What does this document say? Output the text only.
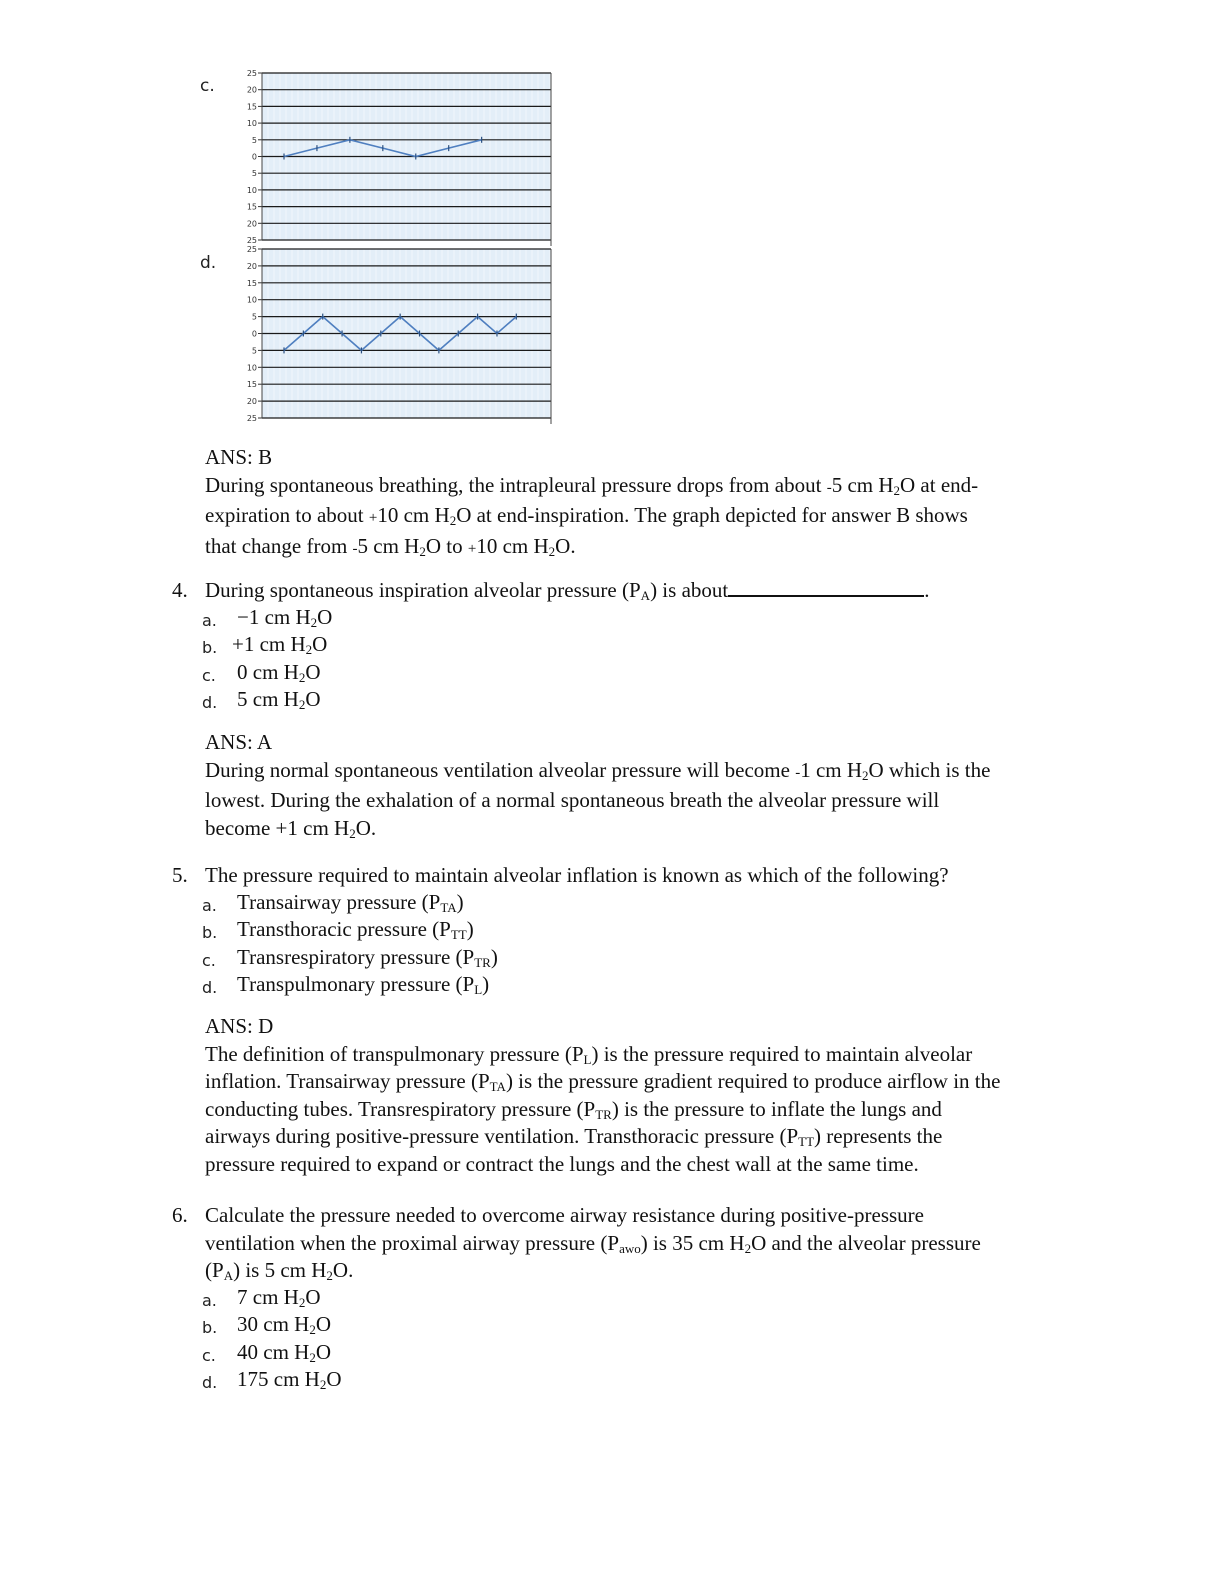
c.
25
20
15
10
5
0
5
10
15
20
25
d.
25
20
15
10
5
0
5
10
15
20
25
ANS: B
During spontaneous breathing, the intrapleural pressure drops from about -5 cm $H_2O$ at end-
expiration to about +10 cm $H_2O$ at end-inspiration. The graph depicted for answer B shows
that change from -5 cm $H_2O$ to +10 cm $H_2O$.
4. During spontaneous inspiration alveolar pressure $(P_A)$ is about	.
a. −1 cm $H_2O$
b. +1 cm $H_2O$
c. 0 cm $H_2O$
d. 5 cm $H_2O$
ANS: A
During normal spontaneous ventilation alveolar pressure will become -1 cm $H_2O$ which is the
lowest. During the exhalation of a normal spontaneous breath the alveolar pressure will
become +1 cm $H_2O$.
5. The pressure required to maintain alveolar inflation is known as which of the following?
a. Transairway pressure $(P_{TA})$
b. Transthoracic pressure $(P_{TT})$
c. Transrespiratory pressure $(P_{TR})$
d. Transpulmonary pressure $(P_L)$
ANS: D
The definition of transpulmonary pressure $(P_L)$ is the pressure required to maintain alveolar
inflation. Transairway pressure $(P_{TA})$ is the pressure gradient required to produce airflow in the
conducting tubes. Transrespiratory pressure $(P_{TR})$ is the pressure to inflate the lungs and
airways during positive-pressure ventilation. Transthoracic pressure $(P_{TT})$ represents the
pressure required to expand or contract the lungs and the chest wall at the same time.
6. Calculate the pressure needed to overcome airway resistance during positive-pressure
ventilation when the proximal airway pressure $(P_{awo})$ is 35 cm $H_2O$ and the alveolar pressure
$(P_A)$ is 5 cm $H_2O$.
a. 7 cm $H_2O$
b. 30 cm $H_2O$
c. 40 cm $H_2O$
d. 175 cm $H_2O$
